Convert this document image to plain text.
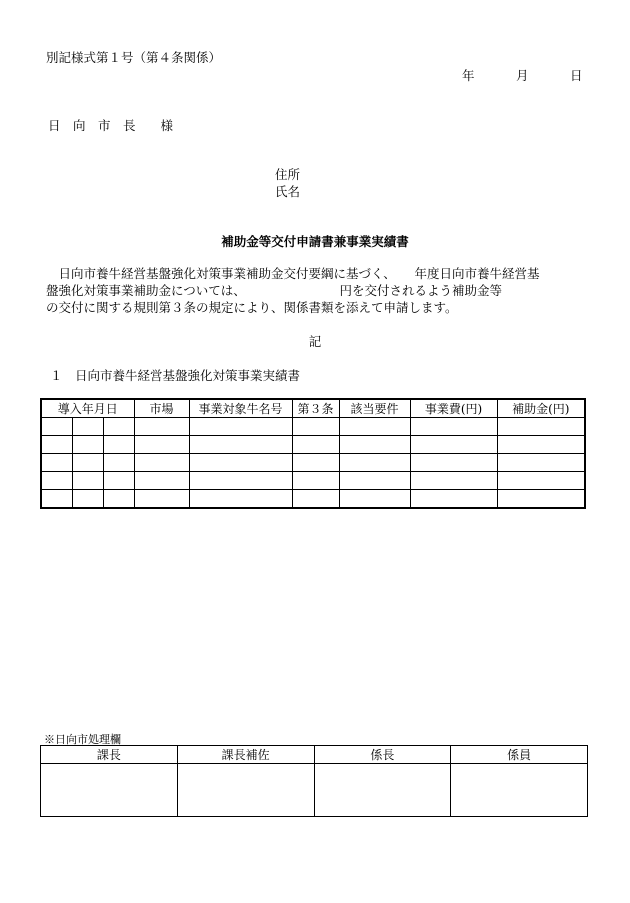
別記様式第１号（第４条関係）
年	月	日
日　向　市　長　　様
住所
氏名
補助金等交付申請書兼事業実績書
　日向市養牛経営基盤強化対策事業補助金交付要綱に基づく、　　年度日向市養牛経営基
盤強化対策事業補助金については、　　　　　　　　円を交付されるよう補助金等
の交付に関する規則第３条の規定により、関係書類を添えて申請します。
記
１　日向市養牛経営基盤強化対策事業実績書
導入年月日			市場	事業対象牛名号	第３条	該当要件	事業費(円)	補助金(円)

※日向市処理欄
課長	課長補佐	係長	係員
